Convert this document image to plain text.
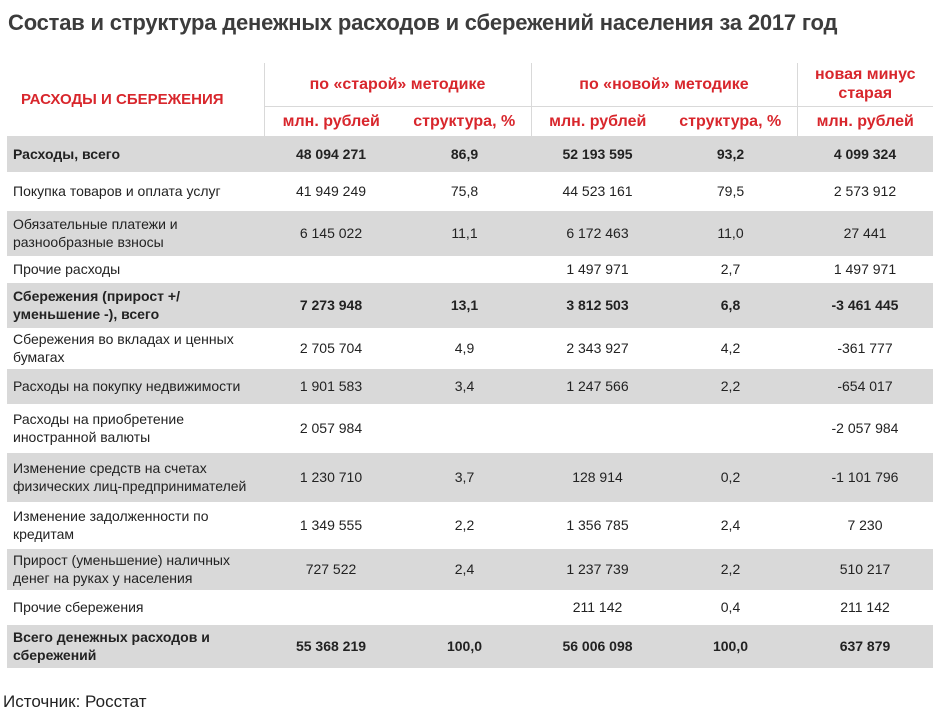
Состав и структура денежных расходов и сбережений населения за 2017 год
РАСХОДЫ И СБЕРЕЖЕНИЯ	по «старой» методике		по «новой» методике		новая минус старая
	млн. рублей	структура, %	млн. рублей	структура, %	млн. рублей
Расходы, всего	48 094 271	86,9	52 193 595	93,2	4 099 324
Покупка товаров и оплата услуг	41 949 249	75,8	44 523 161	79,5	2 573 912
Обязательные платежи и разнообразные взносы	6 145 022	11,1	6 172 463	11,0	27 441
Прочие расходы			1 497 971	2,7	1 497 971
Сбережения (прирост +/уменьшение -), всего	7 273 948	13,1	3 812 503	6,8	-3 461 445
Сбережения во вкладах и ценных бумагах	2 705 704	4,9	2 343 927	4,2	-361 777
Расходы на покупку недвижимости	1 901 583	3,4	1 247 566	2,2	-654 017
Расходы на приобретение иностранной валюты	2 057 984				-2 057 984
Изменение средств на счетах физических лиц-предпринимателей	1 230 710	3,7	128 914	0,2	-1 101 796
Изменение задолженности по кредитам	1 349 555	2,2	1 356 785	2,4	7 230
Прирост (уменьшение) наличных денег на руках у населения	727 522	2,4	1 237 739	2,2	510 217
Прочие сбережения			211 142	0,4	211 142
Всего денежных расходов и сбережений	55 368 219	100,0	56 006 098	100,0	637 879
Источник: Росстат
